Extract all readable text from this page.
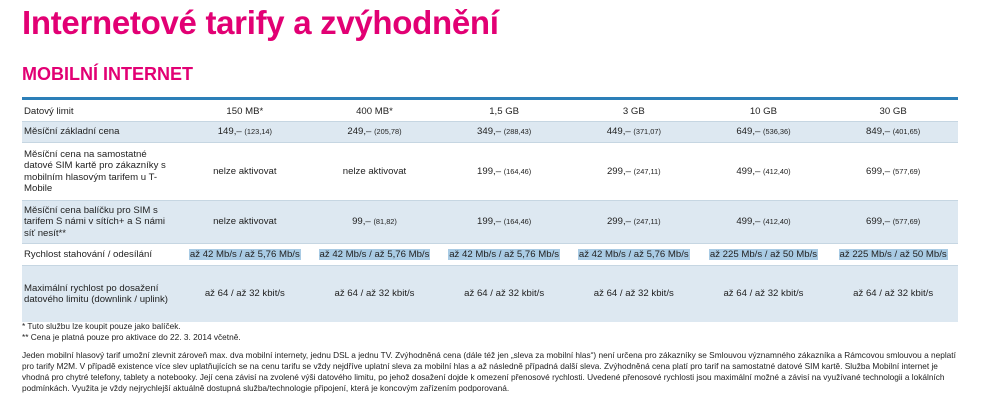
Internetové tarify a zvýhodnění
MOBILNÍ INTERNET
Datový limit	150 MB*	400 MB*	1,5 GB	3 GB	10 GB	30 GB
Měsíční základní cena	149,– (123,14)	249,– (205,78)	349,– (288,43)	449,– (371,07)	649,– (536,36)	849,– (401,65)
Měsíční cena na samostatné datové SIM kartě pro zákazníky s mobilním hlasovým tarifem u T-Mobile	nelze aktivovat	nelze aktivovat	199,– (164,46)	299,– (247,11)	499,– (412,40)	699,– (577,69)
Měsíční cena balíčku pro SIM s tarifem S námi v sítích+ a S námi síť nesít**	nelze aktivovat	99,– (81,82)	199,– (164,46)	299,– (247,11)	499,– (412,40)	699,– (577,69)
Rychlost stahování / odesílání	až 42 Mb/s / až 5,76 Mb/s	až 42 Mb/s / až 5,76 Mb/s	až 42 Mb/s / až 5,76 Mb/s	až 42 Mb/s / až 5,76 Mb/s	až 225 Mb/s / až 50 Mb/s	až 225 Mb/s / až 50 Mb/s
Maximální rychlost po dosažení datového limitu (downlink / uplink)	až 64 / až 32 kbit/s	až 64 / až 32 kbit/s	až 64 / až 32 kbit/s	až 64 / až 32 kbit/s	až 64 / až 32 kbit/s	až 64 / až 32 kbit/s
* Tuto službu lze koupit pouze jako balíček.
** Cena je platná pouze pro aktivace do 22. 3. 2014 včetně.
Jeden mobilní hlasový tarif umožní zlevnit zároveň max. dva mobilní internety, jednu DSL a jednu TV. Zvýhodněná cena (dále též jen „sleva za mobilní hlas“) není určena pro zákazníky se Smlouvou významného zákazníka a Rámcovou smlouvou a neplatí pro tarify M2M. V případě existence více slev uplatňujících se na cenu tarifu se vždy nejdříve uplatní sleva za mobilní hlas a až následně případná další sleva. Zvýhodněná cena platí pro tarif na samostatné datové SIM kartě. Služba Mobilní internet je vhodná pro chytré telefony, tablety a notebooky. Její cena závisí na zvolené výši datového limitu, po jehož dosažení dojde k omezení přenosové rychlosti. Uvedené přenosové rychlosti jsou maximální možné a závisí na využívané technologii a lokálních podmínkách. Využita je vždy nejrychlejší aktuálně dostupná služba/technologie připojení, která je koncovým zařízením podporovaná.
